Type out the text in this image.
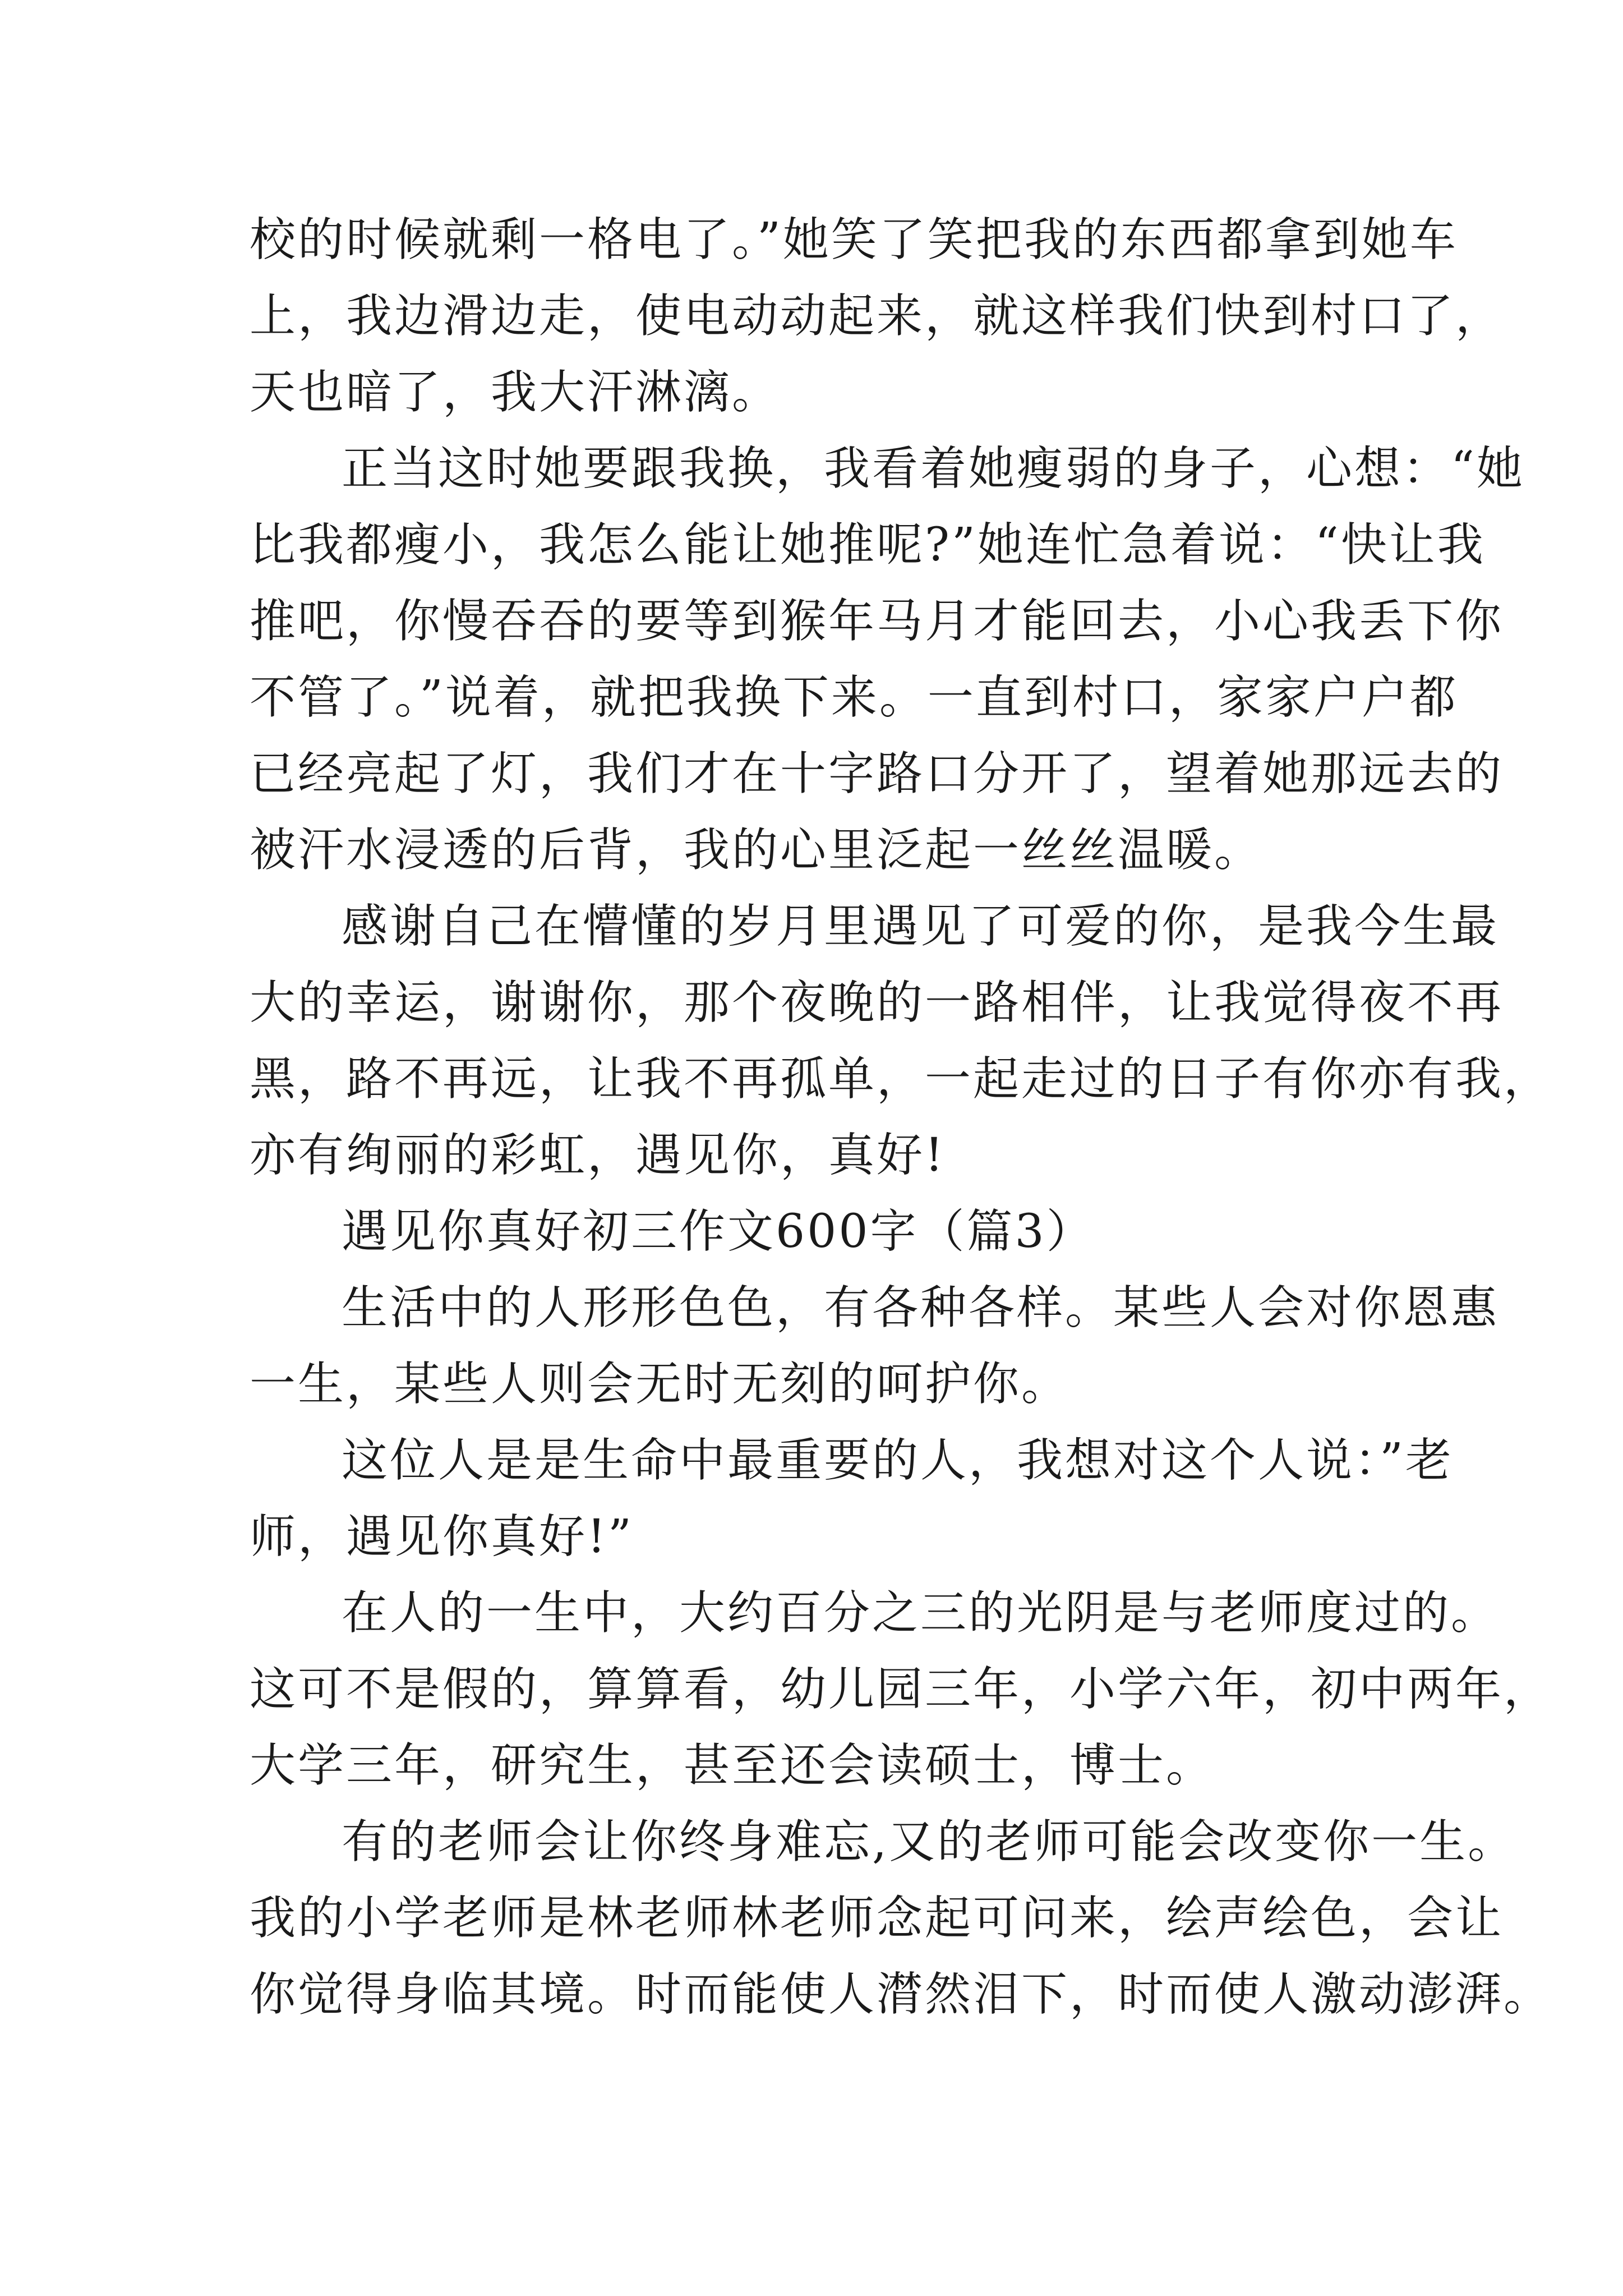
校的时候就剩一格电了。”她笑了笑把我的东西都拿到她车
上，我边滑边走，使电动动起来，就这样我们快到村口了，
天也暗了，我大汗淋漓。
正当这时她要跟我换，我看着她瘦弱的身子，心想：“她
比我都瘦小，我怎么能让她推呢?”她连忙急着说：“快让我
推吧，你慢吞吞的要等到猴年马月才能回去，小心我丢下你
不管了。”说着，就把我换下来。一直到村口，家家户户都
已经亮起了灯，我们才在十字路口分开了，望着她那远去的
被汗水浸透的后背，我的心里泛起一丝丝温暖。
感谢自己在懵懂的岁月里遇见了可爱的你，是我今生最
大的幸运，谢谢你，那个夜晚的一路相伴，让我觉得夜不再
黑，路不再远，让我不再孤单，一起走过的日子有你亦有我，
亦有绚丽的彩虹，遇见你，真好!
遇见你真好初三作文600字（篇3）
生活中的人形形色色，有各种各样。某些人会对你恩惠
一生，某些人则会无时无刻的呵护你。
这位人是是生命中最重要的人，我想对这个人说：”老
师，遇见你真好!”
在人的一生中，大约百分之三的光阴是与老师度过的。
这可不是假的，算算看，幼儿园三年，小学六年，初中两年，
大学三年，研究生，甚至还会读硕士，博士。
有的老师会让你终身难忘,又的老师可能会改变你一生。
我的小学老师是林老师林老师念起可问来，绘声绘色，会让
你觉得身临其境。时而能使人潸然泪下，时而使人激动澎湃。
